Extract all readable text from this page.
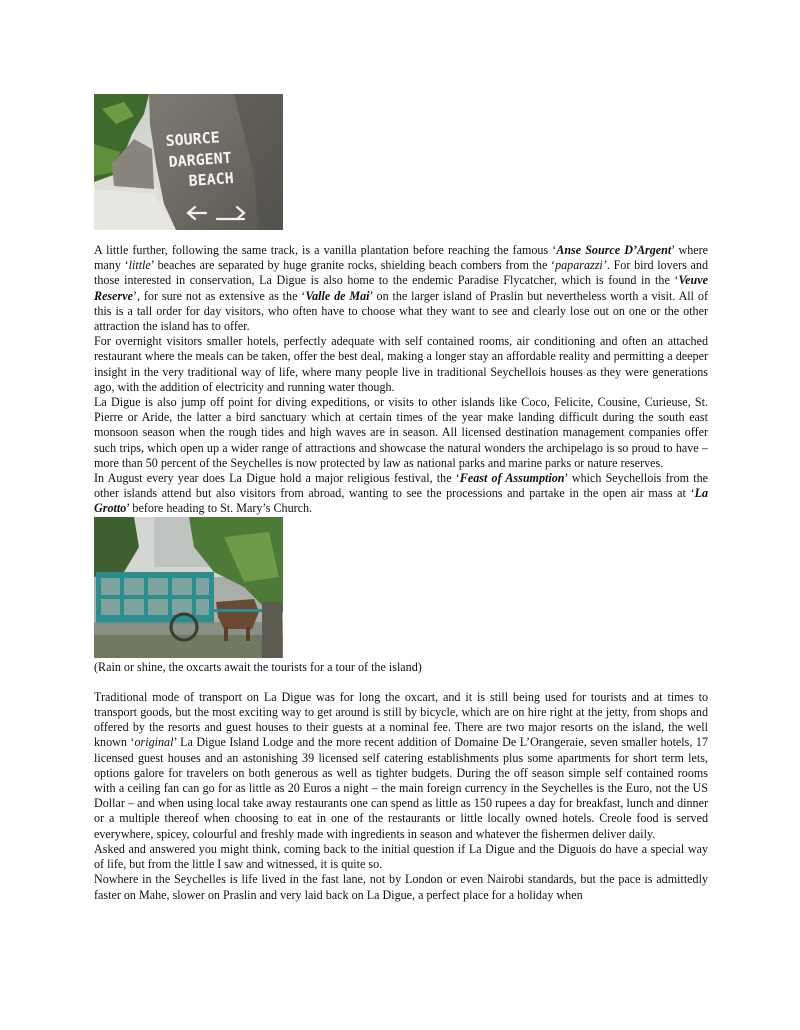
SOURCE
DARGENT
BEACH

A little further, following the same track, is a vanilla plantation before reaching the famous ‘Anse Source D’Argent’ where many ‘little’ beaches are separated by huge granite rocks, shielding beach combers from the ‘paparazzi’. For bird lovers and those interested in conservation, La Digue is also home to the endemic Paradise Flycatcher, which is found in the ‘Veuve Reserve’, for sure not as extensive as the ‘Valle de Mai’ on the larger island of Praslin but nevertheless worth a visit. All of this is a tall order for day visitors, who often have to choose what they want to see and clearly lose out on one or the other attraction the island has to offer.

For overnight visitors smaller hotels, perfectly adequate with self contained rooms, air conditioning and often an attached restaurant where the meals can be taken, offer the best deal, making a longer stay an affordable reality and permitting a deeper insight in the very traditional way of life, where many people live in traditional Seychellois houses as they were generations ago, with the addition of electricity and running water though.

La Digue is also jump off point for diving expeditions, or visits to other islands like Coco, Felicite, Cousine, Curieuse, St. Pierre or Aride, the latter a bird sanctuary which at certain times of the year make landing difficult during the south east monsoon season when the rough tides and high waves are in season. All licensed destination management companies offer such trips, which open up a wider range of attractions and showcase the natural wonders the archipelago is so proud to have – more than 50 percent of the Seychelles is now protected by law as national parks and marine parks or nature reserves.

In August every year does La Digue hold a major religious festival, the ‘Feast of Assumption’ which Seychellois from the other islands attend but also visitors from abroad, wanting to see the processions and partake in the open air mass at ‘La Grotto’ before heading to St. Mary’s Church.

(Rain or shine, the oxcarts await the tourists for a tour of the island)

Traditional mode of transport on La Digue was for long the oxcart, and it is still being used for tourists and at times to transport goods, but the most exciting way to get around is still by bicycle, which are on hire right at the jetty, from shops and offered by the resorts and guest houses to their guests at a nominal fee. There are two major resorts on the island, the well known ‘original’ La Digue Island Lodge and the more recent addition of Domaine De L’Orangeraie, seven smaller hotels, 17 licensed guest houses and an astonishing 39 licensed self catering establishments plus some apartments for short term lets, options galore for travelers on both generous as well as tighter budgets. During the off season simple self contained rooms with a ceiling fan can go for as little as 20 Euros a night – the main foreign currency in the Seychelles is the Euro, not the US Dollar – and when using local take away restaurants one can spend as little as 150 rupees a day for breakfast, lunch and dinner or a multiple thereof when choosing to eat in one of the restaurants or little locally owned hotels. Creole food is served everywhere, spicey, colourful and freshly made with ingredients in season and whatever the fishermen deliver daily.

Asked and answered you might think, coming back to the initial question if La Digue and the Diguois do have a special way of life, but from the little I saw and witnessed, it is quite so.

Nowhere in the Seychelles is life lived in the fast lane, not by London or even Nairobi standards, but the pace is admittedly faster on Mahe, slower on Praslin and very laid back on La Digue, a perfect place for a holiday when
